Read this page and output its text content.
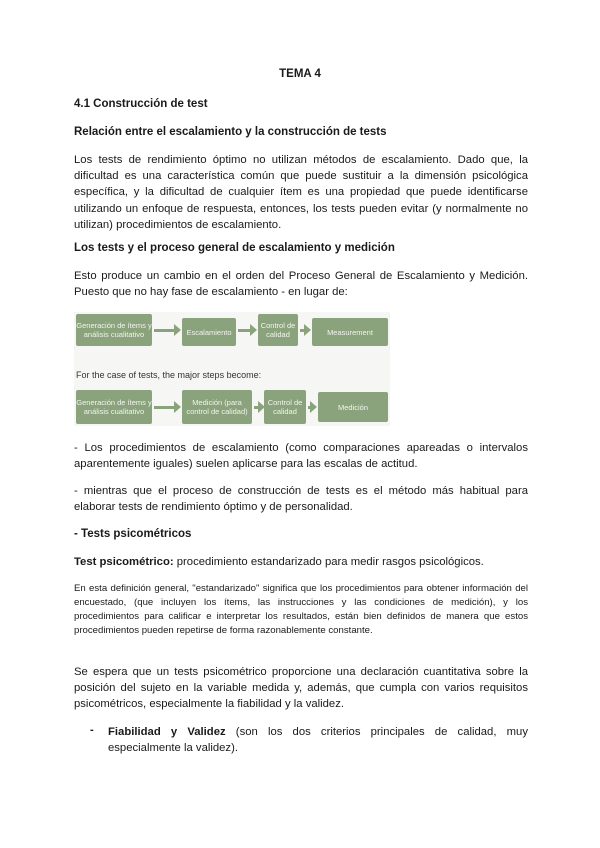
TEMA 4
4.1 Construcción de test
Relación entre el escalamiento y la construcción de tests

Los tests de rendimiento óptimo no utilizan métodos de escalamiento. Dado que, la dificultad es una característica común que puede sustituir a la dimensión psicológica específica, y la dificultad de cualquier ítem es una propiedad que puede identificarse utilizando un enfoque de respuesta, entonces, los tests pueden evitar (y normalmente no utilizan) procedimientos de escalamiento.

Los tests y el proceso general de escalamiento y medición

Esto produce un cambio en el orden del Proceso General de Escalamiento y Medición. Puesto que no hay fase de escalamiento - en lugar de:

Generación de ítems y análisis cualitativo	Escalamiento
Control de calidad	Measurement
For the case of tests, the major steps become:
Generación de ítems y análisis cualitativo
Medición (para control de calidad)
Control de calidad	Medición

- Los procedimientos de escalamiento (como comparaciones apareadas o intervalos aparentemente iguales) suelen aplicarse para las escalas de actitud.

- mientras que el proceso de construcción de tests es el método más habitual para elaborar tests de rendimiento óptimo y de personalidad.

- Tests psicométricos

Test psicométrico: procedimiento estandarizado para medir rasgos psicológicos.

En esta definición general, "estandarizado" significa que los procedimientos para obtener información del encuestado, (que incluyen los ítems, las instrucciones y las condiciones de medición), y los procedimientos para calificar e interpretar los resultados, están bien definidos de manera que estos procedimientos pueden repetirse de forma razonablemente constante.

Se espera que un tests psicométrico proporcione una declaración cuantitativa sobre la posición del sujeto en la variable medida y, además, que cumpla con varios requisitos psicométricos, especialmente la fiabilidad y la validez.

- Fiabilidad y Validez (son los dos criterios principales de calidad, muy especialmente la validez).
